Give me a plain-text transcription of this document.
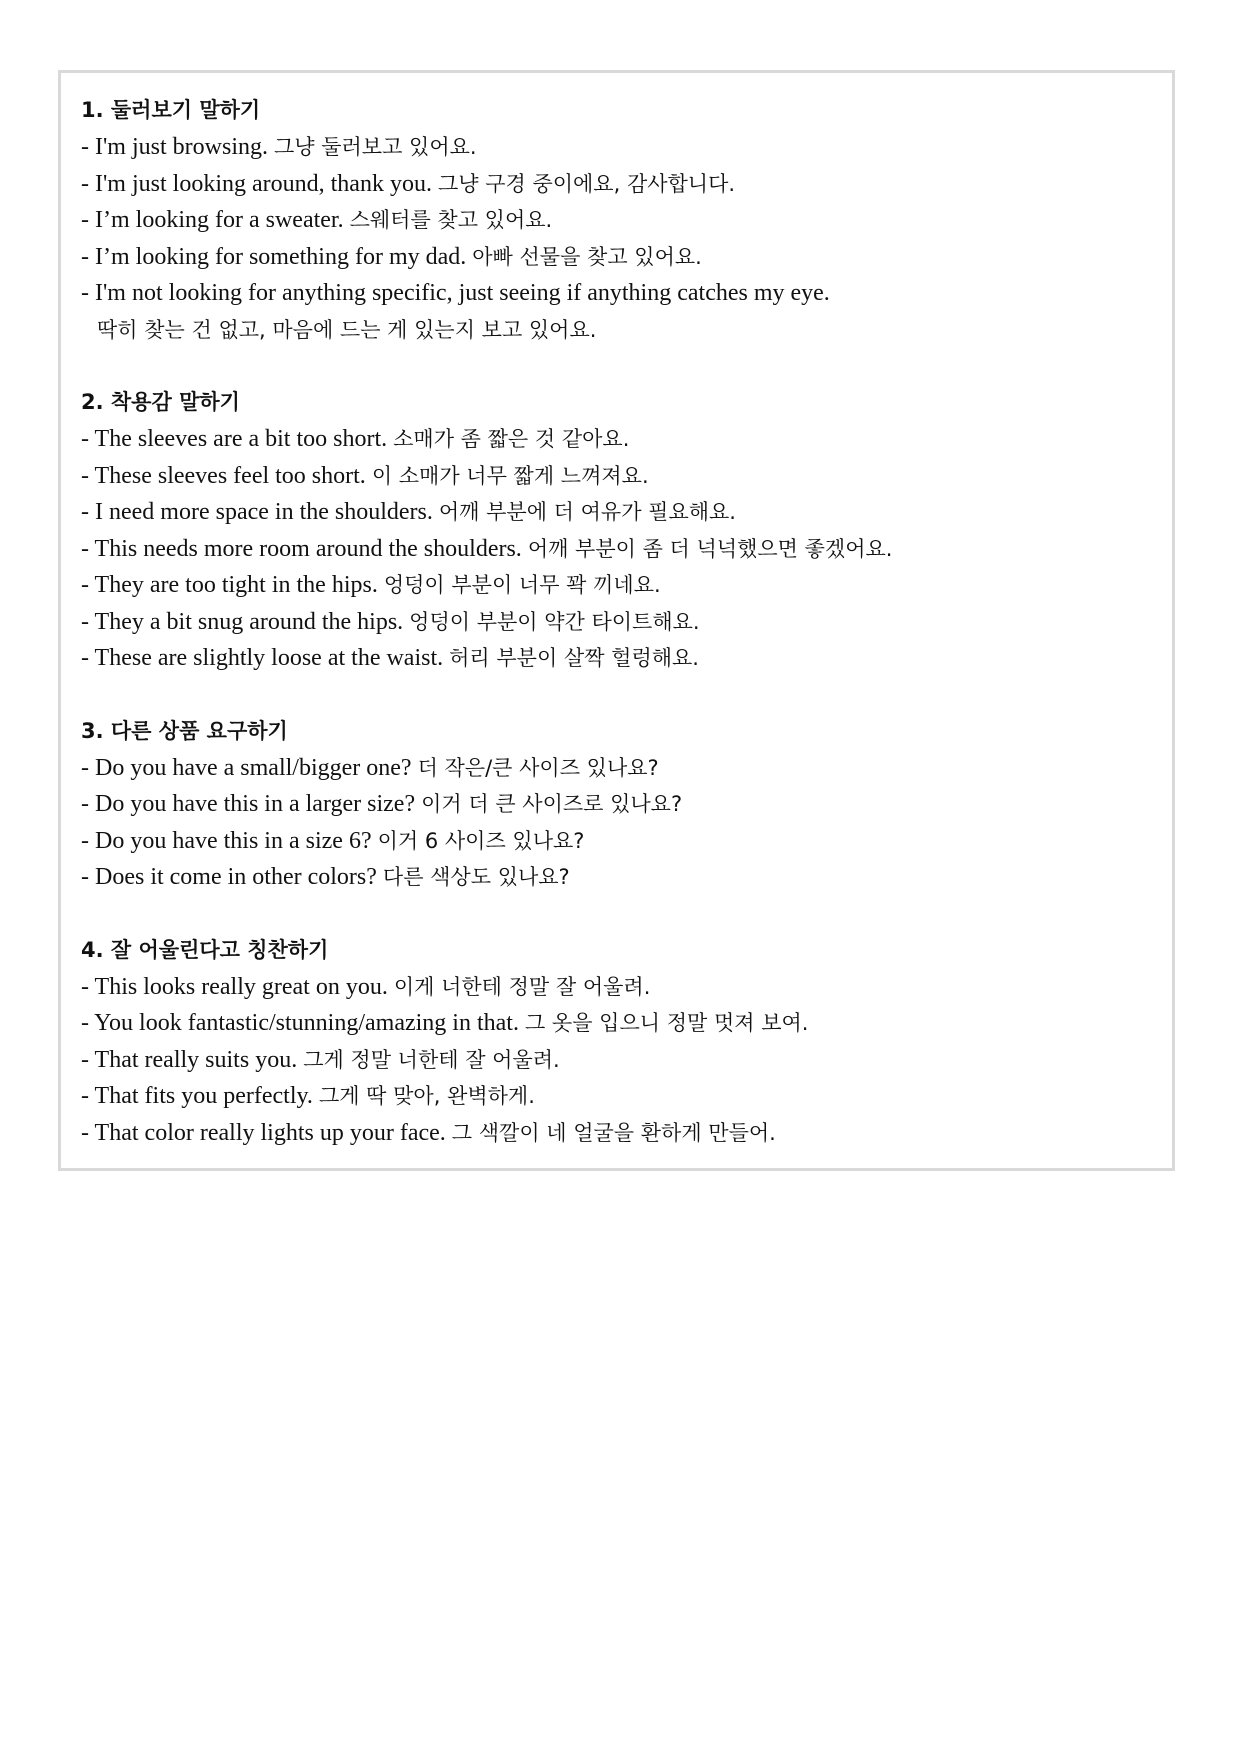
1. 둘러보기 말하기

- I'm just browsing. 그냥 둘러보고 있어요.

- I'm just looking around, thank you. 그냥 구경 중이에요, 감사합니다.

- I’m looking for a sweater. 스웨터를 찾고 있어요.

- I’m looking for something for my dad. 아빠 선물을 찾고 있어요.

- I'm not looking for anything specific, just seeing if anything catches my eye.

딱히 찾는 건 없고, 마음에 드는 게 있는지 보고 있어요.

2. 착용감 말하기

- The sleeves are a bit too short. 소매가 좀 짧은 것 같아요.

- These sleeves feel too short. 이 소매가 너무 짧게 느껴져요.

- I need more space in the shoulders. 어깨 부분에 더 여유가 필요해요.

- This needs more room around the shoulders. 어깨 부분이 좀 더 넉넉했으면 좋겠어요.

- They are too tight in the hips. 엉덩이 부분이 너무 꽉 끼네요.

- They a bit snug around the hips. 엉덩이 부분이 약간 타이트해요.

- These are slightly loose at the waist. 허리 부분이 살짝 헐렁해요.

3. 다른 상품 요구하기

- Do you have a small/bigger one? 더 작은/큰 사이즈 있나요?

- Do you have this in a larger size? 이거 더 큰 사이즈로 있나요?

- Do you have this in a size 6? 이거 6 사이즈 있나요?

- Does it come in other colors? 다른 색상도 있나요?

4. 잘 어울린다고 칭찬하기

- This looks really great on you. 이게 너한테 정말 잘 어울려.

- You look fantastic/stunning/amazing in that. 그 옷을 입으니 정말 멋져 보여.

- That really suits you. 그게 정말 너한테 잘 어울려.

- That fits you perfectly. 그게 딱 맞아, 완벽하게.

- That color really lights up your face. 그 색깔이 네 얼굴을 환하게 만들어.
